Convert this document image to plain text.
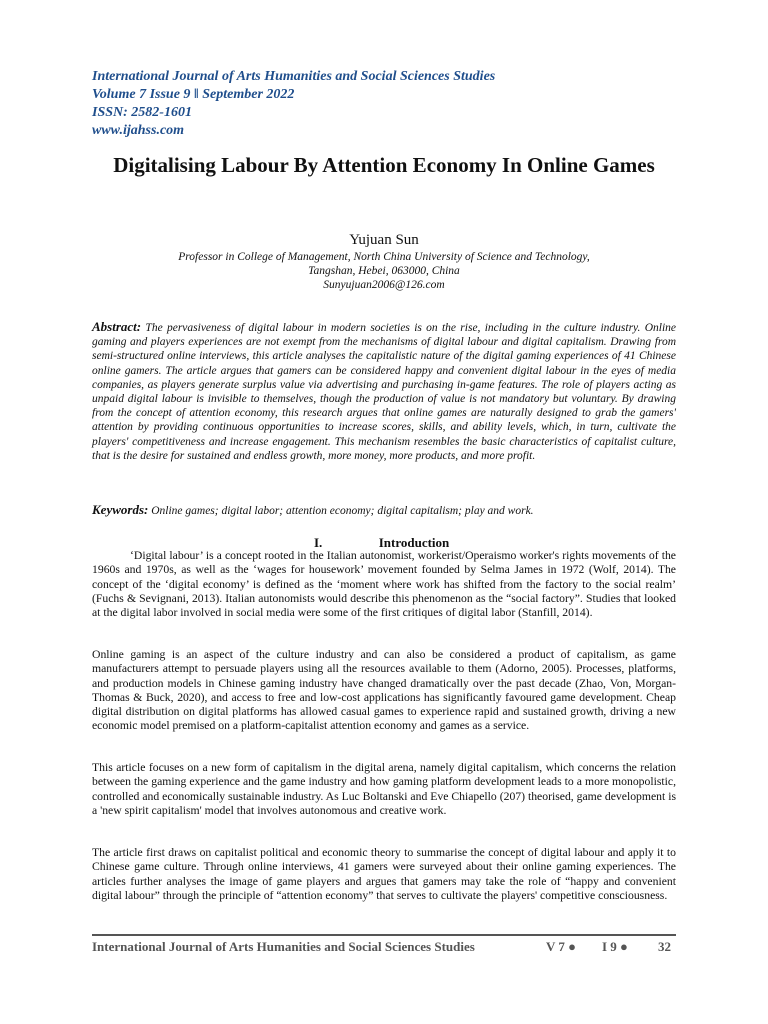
International Journal of Arts Humanities and Social Sciences Studies
Volume 7 Issue 9 ǁ September 2022
ISSN: 2582-1601
www.ijahss.com
Digitalising Labour By Attention Economy In Online Games
Yujuan Sun
Professor in College of Management, North China University of Science and Technology,
Tangshan, Hebei, 063000, China
Sunyujuan2006@126.com
Abstract: The pervasiveness of digital labour in modern societies is on the rise, including in the culture industry. Online gaming and players experiences are not exempt from the mechanisms of digital labour and digital capitalism. Drawing from semi-structured online interviews, this article analyses the capitalistic nature of the digital gaming experiences of 41 Chinese online gamers. The article argues that gamers can be considered happy and convenient digital labour in the eyes of media companies, as players generate surplus value via advertising and purchasing in-game features. The role of players acting as unpaid digital labour is invisible to themselves, though the production of value is not mandatory but voluntary. By drawing from the concept of attention economy, this research argues that online games are naturally designed to grab the gamers' attention by providing continuous opportunities to increase scores, skills, and ability levels, which, in turn, cultivate the players' competitiveness and increase engagement. This mechanism resembles the basic characteristics of capitalist culture, that is the desire for sustained and endless growth, more money, more products, and more profit.
Keywords: Online games; digital labor; attention economy; digital capitalism; play and work.
I.	Introduction
‘Digital labour’ is a concept rooted in the Italian autonomist, workerist/Operaismo worker's rights movements of the 1960s and 1970s, as well as the ‘wages for housework’ movement founded by Selma James in 1972 (Wolf, 2014). The concept of the ‘digital economy’ is defined as the ‘moment where work has shifted from the factory to the social realm’ (Fuchs & Sevignani, 2013). Italian autonomists would describe this phenomenon as the “social factory”. Studies that looked at the digital labor involved in social media were some of the first critiques of digital labor (Stanfill, 2014).
Online gaming is an aspect of the culture industry and can also be considered a product of capitalism, as game manufacturers attempt to persuade players using all the resources available to them (Adorno, 2005). Processes, platforms, and production models in Chinese gaming industry have changed dramatically over the past decade (Zhao, Von, Morgan-Thomas & Buck, 2020), and access to free and low-cost applications has significantly favoured game development. Cheap digital distribution on digital platforms has allowed casual games to experience rapid and sustained growth, driving a new economic model premised on a platform-capitalist attention economy and games as a service.
This article focuses on a new form of capitalism in the digital arena, namely digital capitalism, which concerns the relation between the gaming experience and the game industry and how gaming platform development leads to a more monopolistic, controlled and economically sustainable industry. As Luc Boltanski and Eve Chiapello (207) theorised, game development is a 'new spirit capitalism' model that involves autonomous and creative work.
The article first draws on capitalist political and economic theory to summarise the concept of digital labour and apply it to Chinese game culture. Through online interviews, 41 gamers were surveyed about their online gaming experiences. The articles further analyses the image of game players and argues that gamers may take the role of “happy and convenient digital labour” through the principle of “attention economy” that serves to cultivate the players' competitive consciousness.
International Journal of Arts Humanities and Social Sciences Studies	V 7 ● I 9 ● 32
